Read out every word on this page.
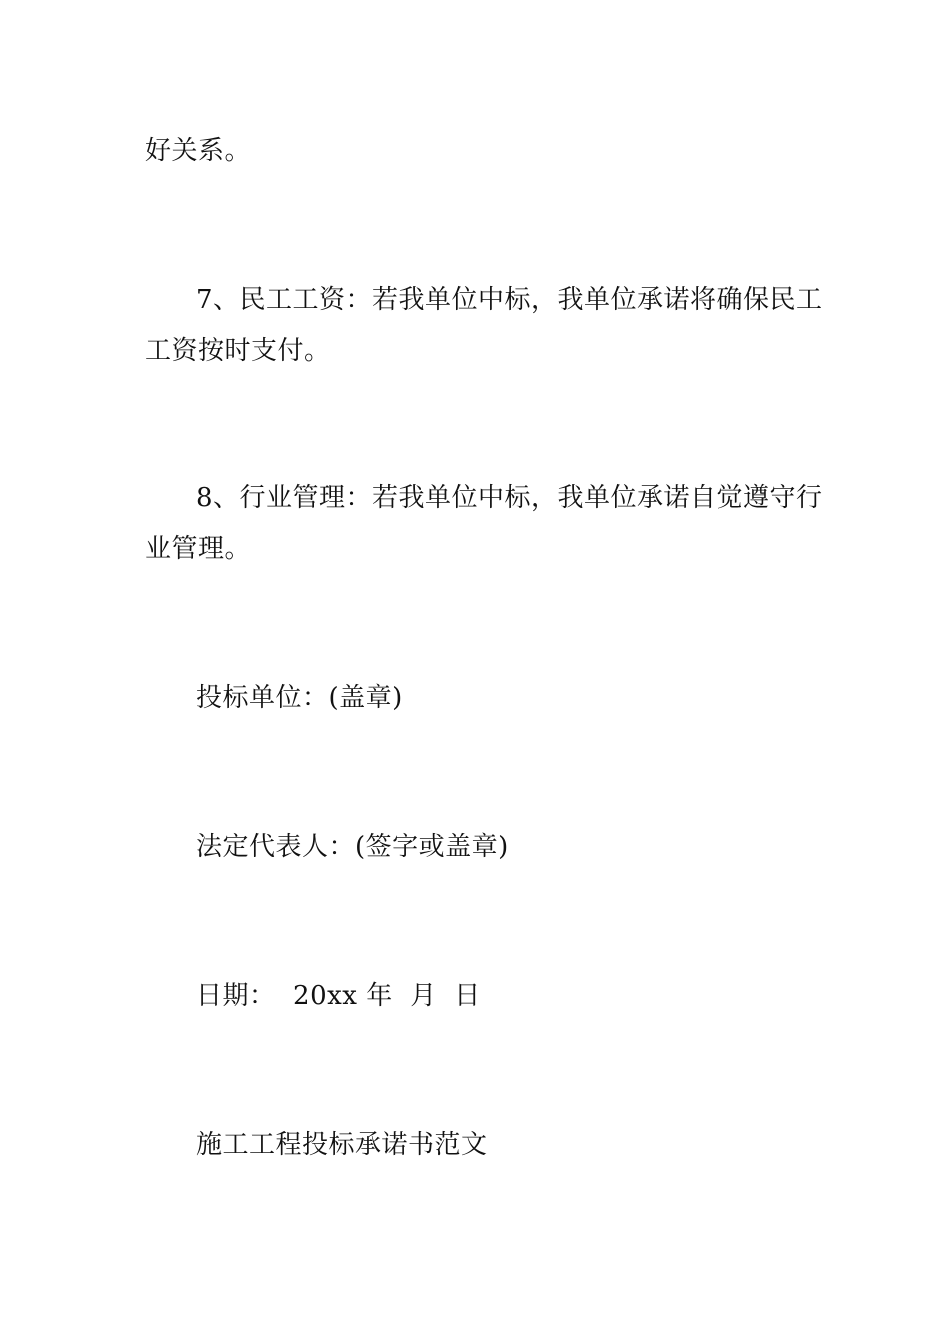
好关系。
7、民工工资：若我单位中标，我单位承诺将确保民工
工资按时支付。
8、行业管理：若我单位中标，我单位承诺自觉遵守行
业管理。
投标单位：(盖章)
法定代表人：(签字或盖章)
日期：  20xx 年  月  日
施工工程投标承诺书范文
